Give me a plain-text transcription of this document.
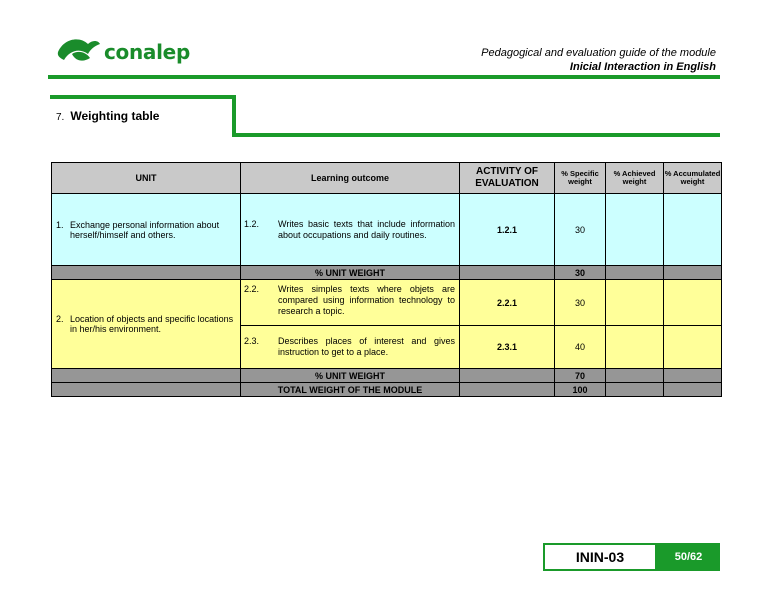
conalep	Pedagogical and evaluation guide of the module
Inicial Interaction in English
7. Weighting table
UNIT	Learning outcome	ACTIVITY OF EVALUATION	% Specific weight	% Achieved weight	% Accumulated weight

1. Exchange personal information about herself/himself and others.	1.2. Writes basic texts that include information about occupations and daily routines.	1.2.1	30		
	% UNIT WEIGHT		30		

2. Location of objects and specific locations in her/his environment.	2.2. Writes simples texts where objets are compared using information technology to research a topic.	2.2.1	30		

	2.3. Describes places of interest and gives instruction to get to a place.	2.3.1	40		
	% UNIT WEIGHT		70		
	TOTAL WEIGHT OF THE MODULE		100		
ININ-03	50/62
